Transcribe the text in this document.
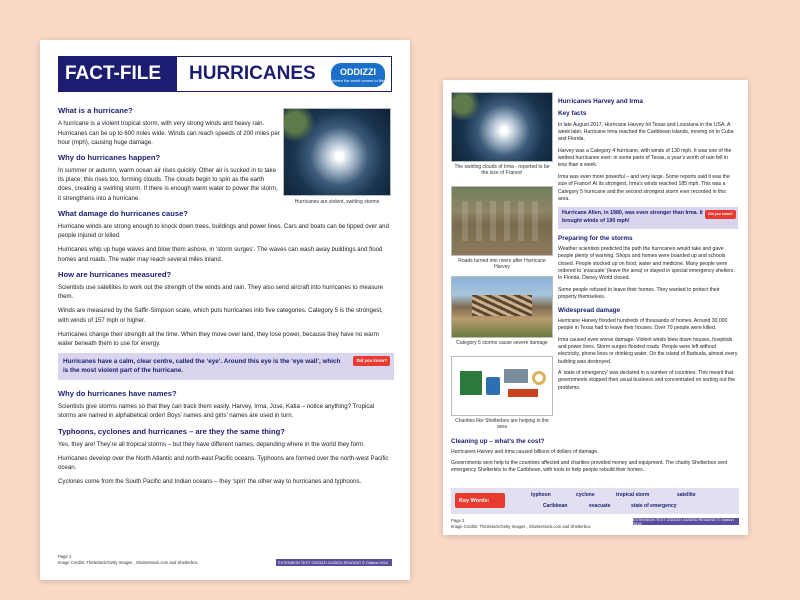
FACT-FILE	HURRICANES	ODDIZZI
where the world comes to life
Hurricanes are violent, swirling storms
What is a hurricane?

A hurricane is a violent tropical storm, with very strong winds and heavy rain. Hurricanes can be up to 600 miles wide. Winds can reach speeds of 200 miles per hour (mph), causing huge damage.

Why do hurricanes happen?

In summer or autumn, warm ocean air rises quickly. Other air is sucked in to take its place; this rises too, forming clouds. The clouds begin to spin as the earth does, creating a swirling storm. If there is enough warm water to power the storm, it strengthens into a hurricane.

What damage do hurricanes cause?

Hurricane winds are strong enough to knock down trees, buildings and power lines. Cars and boats can be tipped over and people injured or killed.

Hurricanes whip up huge waves and blow them ashore, in ‘storm surges’. The waves can wash away buildings and flood homes and roads. The water may reach several miles inland.

How are hurricanes measured?

Scientists use satellites to work out the strength of the winds and rain. They also send aircraft into hurricanes to measure them.

Winds are measured by the Saffir-Simpson scale, which puts hurricanes into five categories. Category 5 is the strongest, with winds of 157 mph or higher.

Hurricanes change their strength all the time. When they move over land, they lose power, because they have no warm water beneath them to use for energy.

Hurricanes have a calm, clear centre, called the ‘eye’. Around this eye is the ‘eye wall’, which is the most violent part of the hurricane.
Did you know?
Why do hurricanes have names?

Scientists give storms names so that they can track them easily. Harvey, Irma, Jose, Katia – notice anything? Tropical storms are named in alphabetical order! Boys’ names and girls’ names are used in turn.

Typhoons, cyclones and hurricanes – are they the same thing?

Yes, they are! They’re all tropical storms – but they have different names, depending where in the world they form.

Hurricanes develop over the North Atlantic and north-east Pacific oceans. Typhoons are formed over the north-west Pacific ocean.

Cyclones come from the South Pacific and Indian oceans – they ‘spin’ the other way to hurricanes and typhoons.

Page 1
Image Credits: Thinkstock/Getty Images , Shutterstock.com and Shelterbox	EXTENSION TEXT ODDIZZI GUIDED READING © Oddizzi 2016
The swirling clouds of Irma - reported to be the size of France!
Roads turned into rivers after Hurricane Harvey
Category 5 storms cause severe damage
Charities like Shelterbox are helping in the area
Hurricanes Harvey and Irma
Key facts

In late August 2017, Hurricane Harvey hit Texas and Louisiana in the USA. A week later, Hurricane Irma reached the Caribbean islands, moving on to Cuba and Florida.

Harvey was a Category 4 hurricane, with winds of 130 mph. It was one of the wettest hurricanes ever: in some parts of Texas, a year’s worth of rain fell in less than a week.

Irma was even more powerful – and very large. Some reports said it was the size of France! At its strongest, Irma’s winds reached 185 mph. This was a Category 5 hurricane and the second strongest storm ever recorded in this area.

Hurricane Allen, in 1980, was even stronger than Irma. It brought winds of 190 mph!
Did you know?
Preparing for the storms

Weather scientists predicted the path the hurricanes would take and gave people plenty of warning. Shops and homes were boarded up and schools closed. People stocked up on food, water and medicine. Many people were ordered to ‘evacuate’ (leave the area) or stayed in special emergency shelters. In Florida, Disney World closed.

Some people refused to leave their homes. They wanted to protect their property themselves.

Widespread damage

Hurricane Harvey flooded hundreds of thousands of homes. Around 30,000 people in Texas had to leave their houses. Over 70 people were killed.

Irma caused even worse damage. Violent winds blew down houses, hospitals and power lines. Storm surges flooded roads. People were left without electricity, phone lines or drinking water. On the island of Barbuda, almost every building was destroyed.

A ‘state of emergency’ was declared in a number of countries. This meant that governments stopped their usual business and concentrated on sorting out the problems.

Cleaning up – what’s the cost?

Hurricanes Harvey and Irma caused billions of dollars of damage.

Governments sent help to the countries affected and charities provided money and equipment. The charity Shelterbox sent emergency Shelterkits to the Caribbean, with tools to help people rebuild their homes.

Key Words:
typhoon	cyclone	tropical storm	satellite
Caribbean	evacuate	state of emergency
Page 2
Image Credits: Thinkstock/Getty Images , Shutterstock.com and Shelterbox
EXTENSION TEXT ODDIZZI GUIDED READING © Oddizzi 2016
